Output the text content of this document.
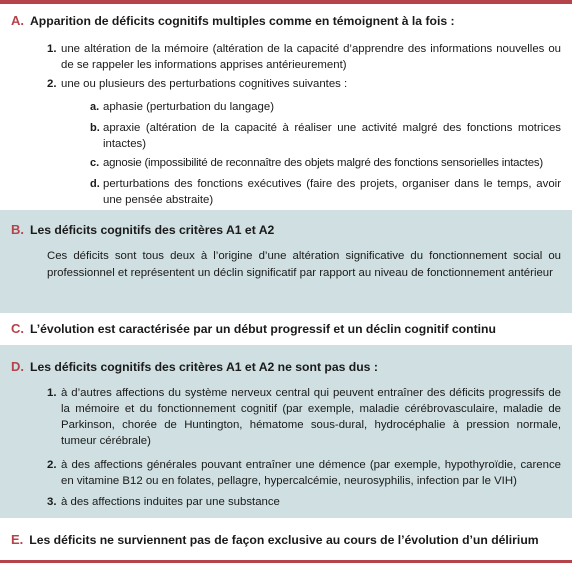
A. Apparition de déficits cognitifs multiples comme en témoignent à la fois :
1. une altération de la mémoire (altération de la capacité d’apprendre des informations nouvelles ou de se rappeler les informations apprises antérieurement)
2. une ou plusieurs des perturbations cognitives suivantes :
a. aphasie (perturbation du langage)
b. apraxie (altération de la capacité à réaliser une activité malgré des fonctions motrices intactes)
c. agnosie (impossibilité de reconnaître des objets malgré des fonctions sensorielles intactes)
d. perturbations des fonctions exécutives (faire des projets, organiser dans le temps, avoir une pensée abstraite)
B. Les déficits cognitifs des critères A1 et A2
Ces déficits sont tous deux à l’origine d’une altération significative du fonctionnement social ou professionnel et représentent un déclin significatif par rapport au niveau de fonctionnement antérieur
C. L’évolution est caractérisée par un début progressif et un déclin cognitif continu
D. Les déficits cognitifs des critères A1 et A2 ne sont pas dus :
1. à d’autres affections du système nerveux central qui peuvent entraîner des déficits progressifs de la mémoire et du fonctionnement cognitif (par exemple, maladie cérébrovasculaire, maladie de Parkinson, chorée de Huntington, hématome sous-dural, hydrocéphalie à pression normale, tumeur cérébrale)
2. à des affections générales pouvant entraîner une démence (par exemple, hypothyroïdie, carence en vitamine B12 ou en folates, pellagre, hypercalcémie, neurosyphilis, infection par le VIH)
3. à des affections induites par une substance
E. Les déficits ne surviennent pas de façon exclusive au cours de l’évolution d’un délirium
